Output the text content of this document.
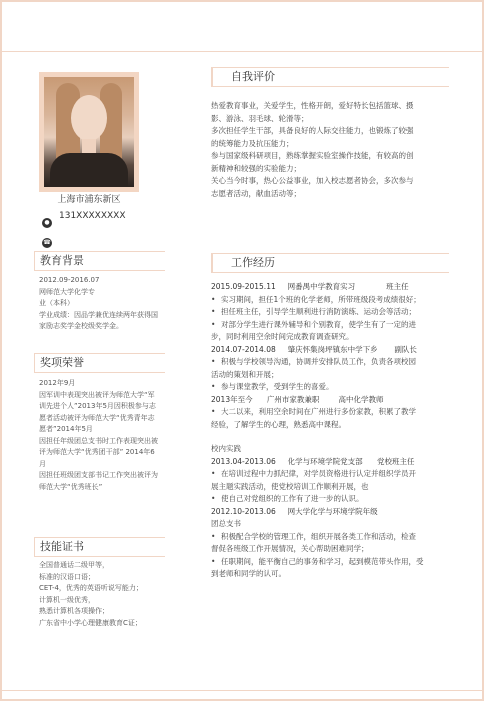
上海市浦东新区
●
131XXXXXXXX
☎
教育背景
2012.09-2016.07
网师范大学化学专
业（本科）
学业成绩：因品学兼优连续两年获得国
家励志奖学金校级奖学金。
奖项荣誉
2012年9月
因军训中表现突出被评为师范大学“军
训先进个人”2013年5月因积极参与志
愿者活动被评为师范大学“优秀青年志
愿者”2014年5月
因担任年级团总支书时工作表现突出被
评为师范大学“优秀团干部” 2014年6
月
因担任班级团支部书记工作突出被评为
师范大学“优秀班长”
技能证书
全国普通话二级甲等，
标准的汉语口语；
CET-4，优秀的英语听说写能力；
计算机一级优秀，
熟悉计算机各项操作；
广东省中小学心理健康教育C证；
自我评价
热爱教育事业，关爱学生，性格开朗，爱好特长包括篮球、摄
影、游泳、羽毛球、轮滑等；
多次担任学生干部，具备良好的人际交往能力，也锻炼了较强
的统筹能力及抗压能力；
参与国家级科研项目，熟练掌握实验室操作技能，有较高的创
新精神和较强的实验能力；
关心当今时事，热心公益事业，加入校志愿者协会，多次参与
志愿者活动，献血活动等；
工作经历
2015.09-2015.11     网番禺中学教育实习             班主任
• 实习期间，担任1个班的化学老师，所带班级段考成绩很好；
• 担任班主任，引导学生顺利进行消防演练、运动会等活动；
• 对部分学生进行课外辅导和个别教育，使学生有了一定的进
步，同时利用空余时间完成教育调查研究。
2014.07-2014.08     肇庆怀集岗坪镇东中学下乡       副队长
• 积极与学校领导沟通，协调并安排队员工作，负责各项校园
活动的策划和开展；
• 参与课堂教学，受到学生的喜爱。
2013年至今      广州市家教兼职        高中化学教师
• 大二以来，利用空余时间在广州进行多份家教，积累了教学
经验，了解学生的心理，熟悉高中课程。
校内实践
2013.04-2013.06     化学与环境学院党支部      党校班主任
• 在培训过程中力抓纪律，对学员资格进行认定并组织学员开
展主题实践活动，使党校培训工作顺利开展，也
• 使自己对党组织的工作有了进一步的认识。
2012.10-2013.06     网大学化学与环境学院年级
团总支书
• 积极配合学校的管理工作，组织开展各类工作和活动，检查
督促各班级工作开展情况，关心帮助困难同学；
• 任职期间，能平衡自己的事务和学习，起到模范带头作用，受
到老师和同学的认可。
